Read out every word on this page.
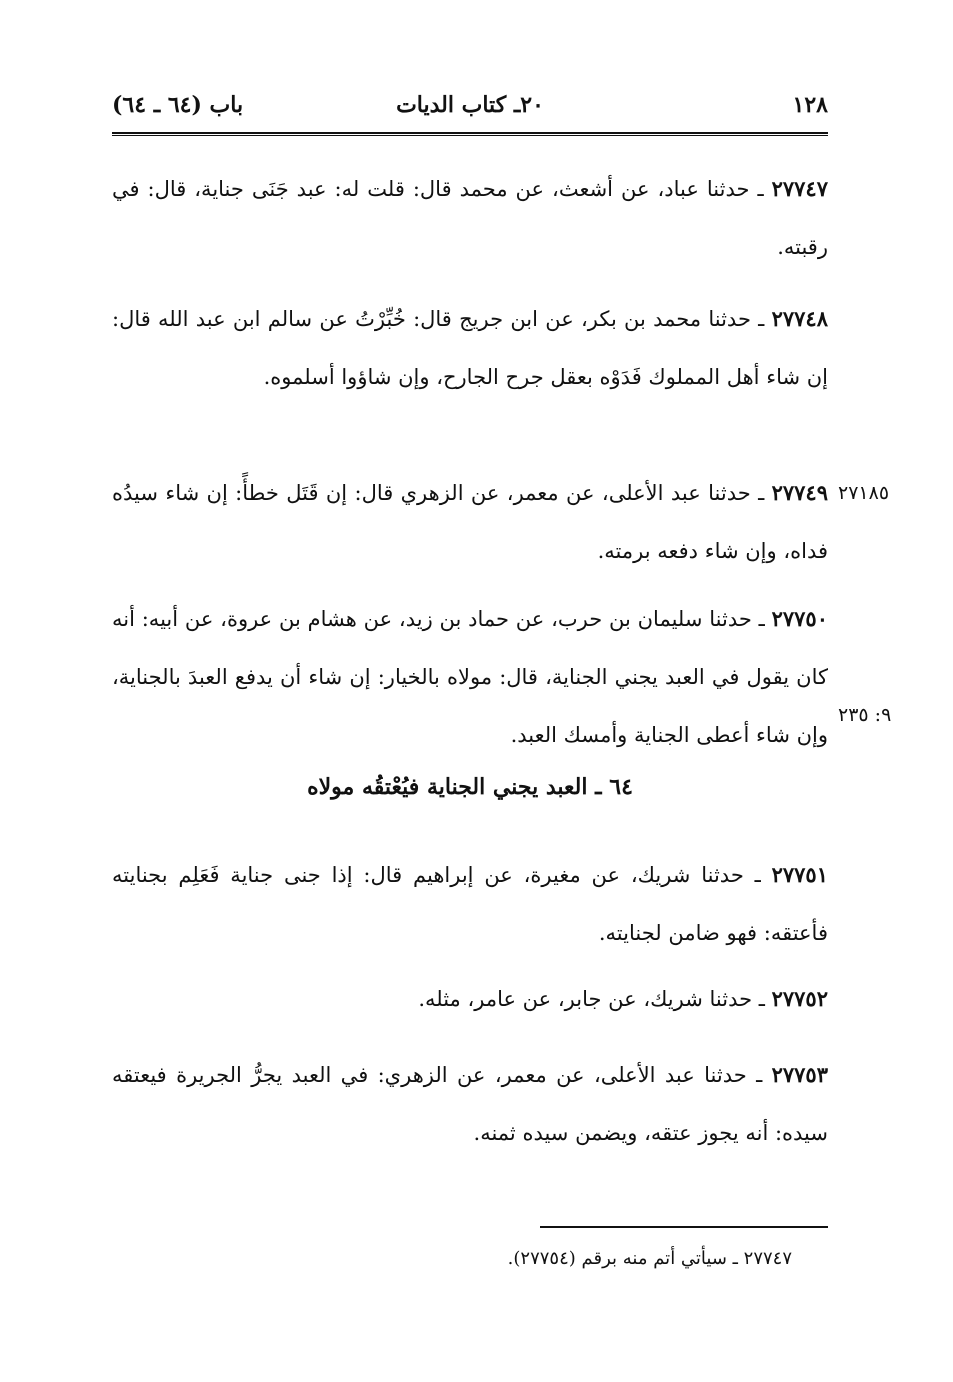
١٢٨
٢٠ـ كتاب الديات
باب (٦٤ ـ ٦٤)
٢٧٧٤٧ ـ حدثنا عباد، عن أشعث، عن محمد قال: قلت له: عبد جَنَى جناية، قال: في رقبته.
٢٧٧٤٨ ـ حدثنا محمد بن بكر، عن ابن جريج قال: خُبِّرْتُ عن سالم ابن عبد الله قال: إن شاء أهل المملوك فَدَوْه بعقل جرح الجارح، وإن شاؤوا أسلموه.
٢٧٧٤٩ ـ حدثنا عبد الأعلى، عن معمر، عن الزهري قال: إن قَتَل خطأً: إن شاء سيدُه فداه، وإن شاء دفعه برمته.
٢٧١٨٥
٢٧٧٥٠ ـ حدثنا سليمان بن حرب، عن حماد بن زيد، عن هشام بن عروة، عن أبيه: أنه كان يقول في العبد يجني الجناية، قال: مولاه بالخيار: إن شاء أن يدفع العبدَ بالجناية، وإن شاء أعطى الجناية وأمسك العبد.
٩: ٢٣٥
٦٤ ـ العبد يجني الجناية فيُعْتقُه مولاه
٢٧٧٥١ ـ حدثنا شريك، عن مغيرة، عن إبراهيم قال: إذا جنى جناية فَعَلِم بجنايته فأعتقه: فهو ضامن لجنايته.
٢٧٧٥٢ ـ حدثنا شريك، عن جابر، عن عامر، مثله.
٢٧٧٥٣ ـ حدثنا عبد الأعلى، عن معمر، عن الزهري: في العبد يجرُّ الجريرة فيعتقه سيده: أنه يجوز عتقه، ويضمن سيده ثمنه.
٢٧٧٤٧ ـ سيأتي أتم منه برقم (٢٧٧٥٤).
